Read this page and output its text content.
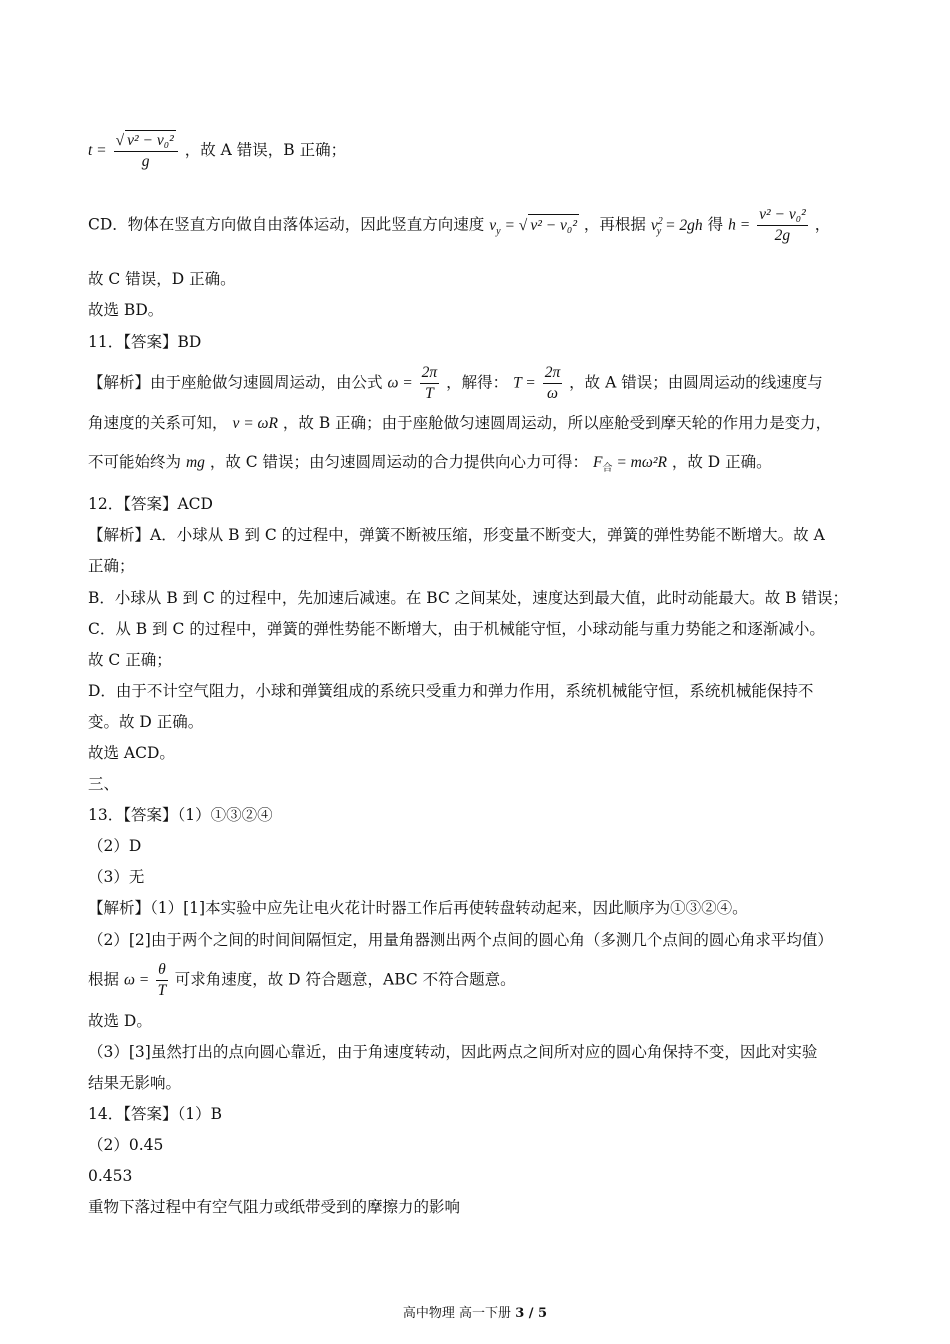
$t = \frac{\text{√ v² − v₀²}}{g}$ ，故 A 错误，B 正确；
CD．物体在竖直方向做自由落体运动，因此竖直方向速度 $v_y$ = √ v² − v₀² ，再根据 $v^2_y = 2gh$ 得 $h = \frac{\text{v² − v₀²}}{2g}$ ，
故 C 错误，D 正确。
故选 BD。
11．【答案】BD
【解析】由于座舱做匀速圆周运动，由公式 $\omega = \frac{2\pi}{T}$ ，解得： $T = \frac{2\pi}{\omega}$ ，故 A 错误；由圆周运动的线速度与
角速度的关系可知， v = ωR ，故 B 正确；由于座舱做匀速圆周运动，所以座舱受到摩天轮的作用力是变力，
不可能始终为 mg ，故 C 错误；由匀速圆周运动的合力提供向心力可得： $F_合 = m\omega^2R$ ，故 D 正确。
12．【答案】ACD
【解析】A．小球从 B 到 C 的过程中，弹簧不断被压缩，形变量不断变大，弹簧的弹性势能不断增大。故 A
正确；
B．小球从 B 到 C 的过程中，先加速后减速。在 BC 之间某处，速度达到最大值，此时动能最大。故 B 错误；
C．从 B 到 C 的过程中，弹簧的弹性势能不断增大，由于机械能守恒，小球动能与重力势能之和逐渐减小。
故 C 正确；
D．由于不计空气阻力，小球和弹簧组成的系统只受重力和弹力作用，系统机械能守恒，系统机械能保持不
变。故 D 正确。
故选 ACD。
三、
13．【答案】（1）①③②④
（2）D
（3）无
【解析】（1）[1]本实验中应先让电火花计时器工作后再使转盘转动起来，因此顺序为①③②④。
（2）[2]由于两个之间的时间间隔恒定，用量角器测出两个点间的圆心角（多测几个点间的圆心角求平均值）
根据 $\omega = \frac{\theta}{T}$ 可求角速度，故 D 符合题意，ABC 不符合题意。
故选 D。
（3）[3]虽然打出的点向圆心靠近，由于角速度转动，因此两点之间所对应的圆心角保持不变，因此对实验
结果无影响。
14．【答案】（1）B
（2）0.45
0.453
重物下落过程中有空气阻力或纸带受到的摩擦力的影响
高中物理 高一下册 3 / 5
